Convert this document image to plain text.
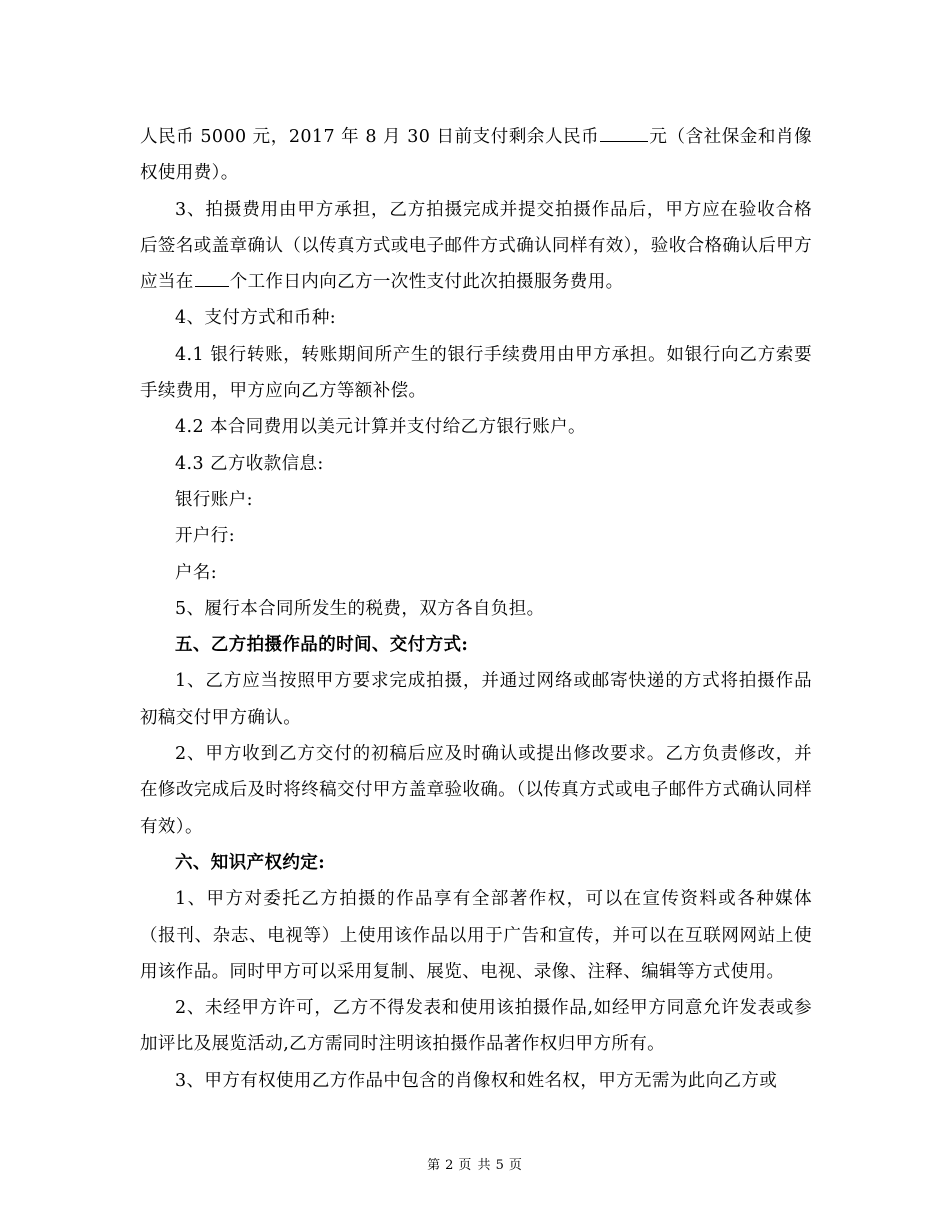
人民币 5000 元，2017 年 8 月 30 日前支付剩余人民币	元（含社保金和肖像权使用费）。

3、拍摄费用由甲方承担，乙方拍摄完成并提交拍摄作品后，甲方应在验收合格后签名或盖章确认（以传真方式或电子邮件方式确认同样有效），验收合格确认后甲方应当在 个工作日内向乙方一次性支付此次拍摄服务费用。

4、支付方式和币种:

4.1 银行转账，转账期间所产生的银行手续费用由甲方承担。如银行向乙方索要手续费用，甲方应向乙方等额补偿。

4.2 本合同费用以美元计算并支付给乙方银行账户。

4.3 乙方收款信息:

银行账户:

开户行:

户名:

5、履行本合同所发生的税费，双方各自负担。

五、乙方拍摄作品的时间、交付方式:

1、乙方应当按照甲方要求完成拍摄，并通过网络或邮寄快递的方式将拍摄作品初稿交付甲方确认。

2、甲方收到乙方交付的初稿后应及时确认或提出修改要求。乙方负责修改，并在修改完成后及时将终稿交付甲方盖章验收确。（以传真方式或电子邮件方式确认同样有效）。

六、知识产权约定:

1、甲方对委托乙方拍摄的作品享有全部著作权，可以在宣传资料或各种媒体（报刊、杂志、电视等）上使用该作品以用于广告和宣传，并可以在互联网网站上使用该作品。同时甲方可以采用复制、展览、电视、录像、注释、编辑等方式使用。

2、未经甲方许可，乙方不得发表和使用该拍摄作品,如经甲方同意允许发表或参加评比及展览活动,乙方需同时注明该拍摄作品著作权归甲方所有。

3、甲方有权使用乙方作品中包含的肖像权和姓名权，甲方无需为此向乙方或

第 2 页 共 5 页
